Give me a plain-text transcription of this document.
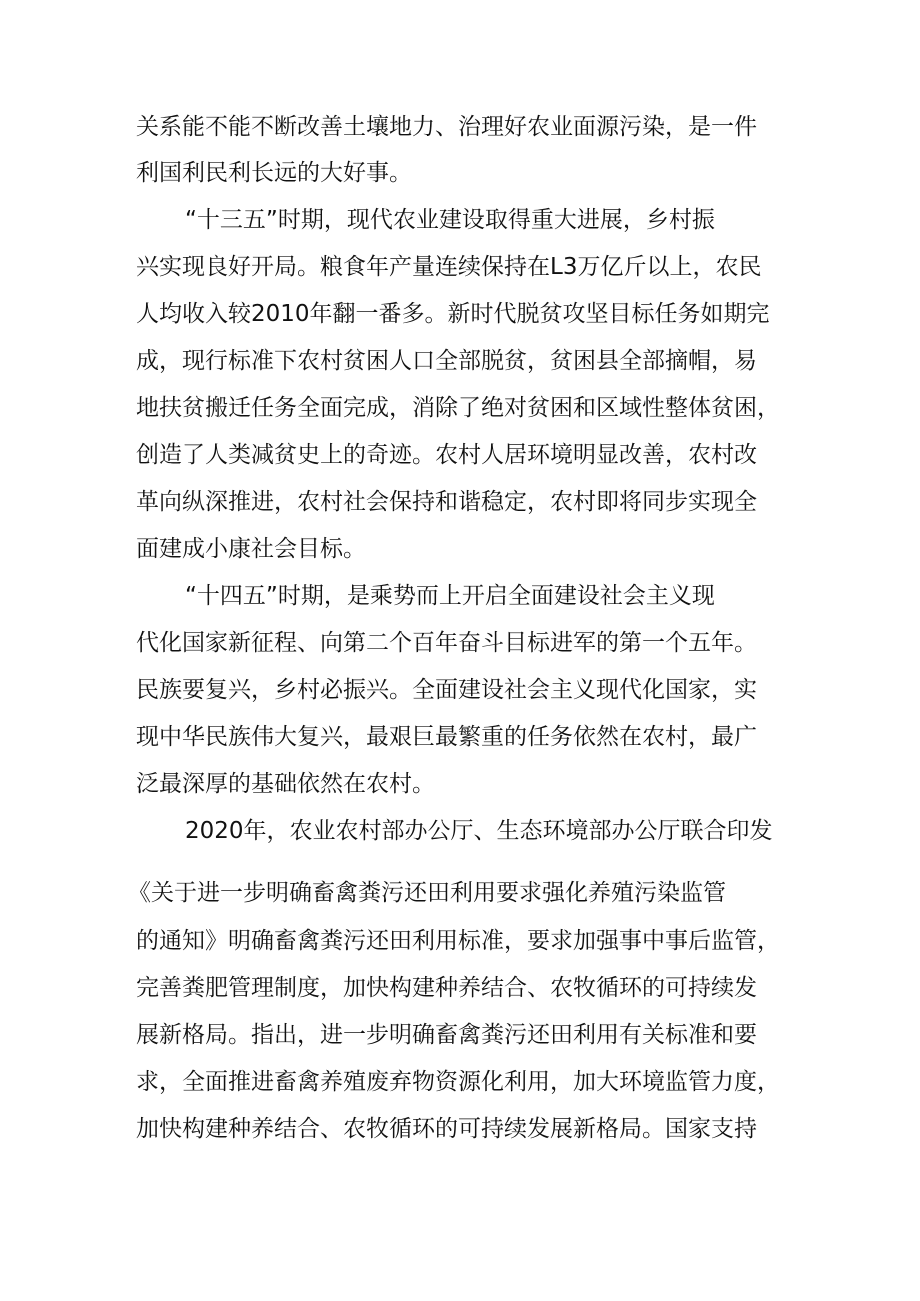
关系能不能不断改善土壤地力、治理好农业面源污染，是一件
利国利民利长远的大好事。
“十三五”时期，现代农业建设取得重大进展，乡村振
兴实现良好开局。粮食年产量连续保持在L3万亿斤以上，农民
人均收入较2010年翻一番多。新时代脱贫攻坚目标任务如期完
成，现行标准下农村贫困人口全部脱贫，贫困县全部摘帽，易
地扶贫搬迁任务全面完成，消除了绝对贫困和区域性整体贫困，
创造了人类减贫史上的奇迹。农村人居环境明显改善，农村改
革向纵深推进，农村社会保持和谐稳定，农村即将同步实现全
面建成小康社会目标。
“十四五”时期，是乘势而上开启全面建设社会主义现
代化国家新征程、向第二个百年奋斗目标进军的第一个五年。
民族要复兴，乡村必振兴。全面建设社会主义现代化国家，实
现中华民族伟大复兴，最艰巨最繁重的任务依然在农村，最广
泛最深厚的基础依然在农村。
2020年，农业农村部办公厅、生态环境部办公厅联合印发
《关于进一步明确畜禽粪污还田利用要求强化养殖污染监管
的通知》明确畜禽粪污还田利用标准，要求加强事中事后监管，
完善粪肥管理制度，加快构建种养结合、农牧循环的可持续发
展新格局。指出，进一步明确畜禽粪污还田利用有关标准和要
求，全面推进畜禽养殖废弃物资源化利用，加大环境监管力度，
加快构建种养结合、农牧循环的可持续发展新格局。国家支持
